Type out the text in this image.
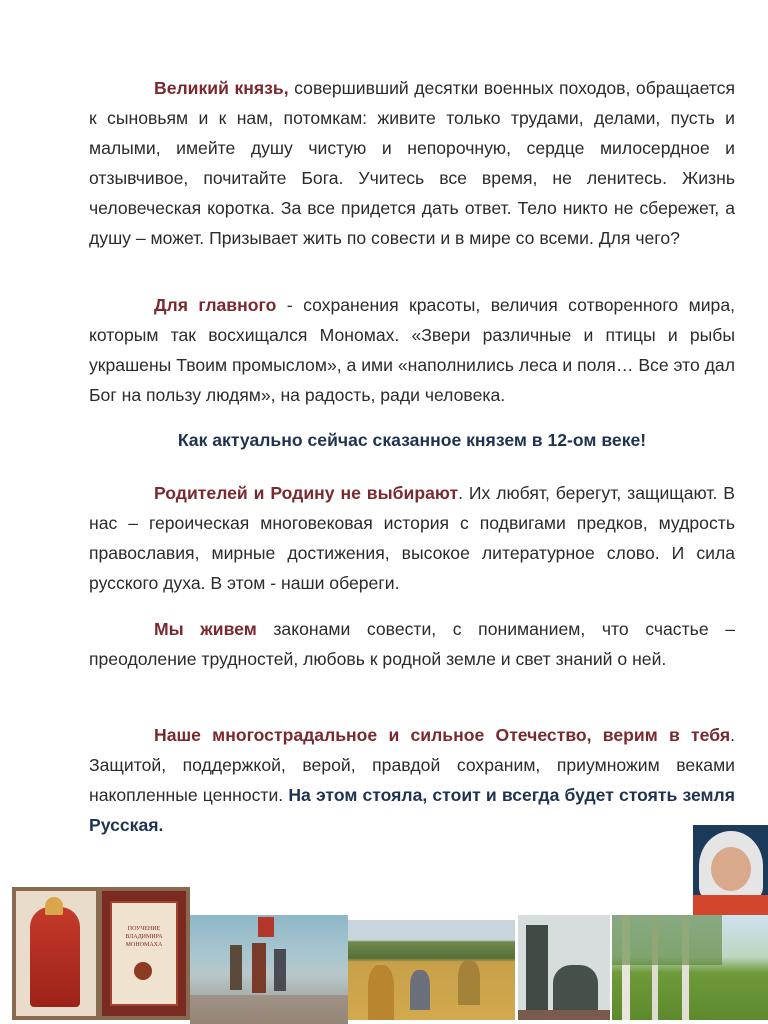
Великий князь, совершивший десятки военных походов, обращается к сыновьям и к нам, потомкам: живите только трудами, делами, пусть и малыми, имейте душу чистую и непорочную, сердце милосердное и отзывчивое, почитайте Бога. Учитесь все время, не ленитесь. Жизнь человеческая коротка. За все придется дать ответ. Тело никто не сбережет, а душу – может. Призывает жить по совести и в мире со всеми. Для чего?
Для главного - сохранения красоты, величия сотворенного мира, которым так восхищался Мономах. «Звери различные и птицы и рыбы украшены Твоим промыслом», а ими «наполнились леса и поля… Все это дал Бог на пользу людям», на радость, ради человека.
Как актуально сейчас сказанное князем в 12-ом веке!
Родителей и Родину не выбирают. Их любят, берегут, защищают. В нас – героическая многовековая история с подвигами предков, мудрость православия, мирные достижения, высокое литературное слово. И сила русского духа. В этом - наши обереги.
Мы живем законами совести, с пониманием, что счастье – преодоление трудностей, любовь к родной земле и свет знаний о ней.
Наше многострадальное и сильное Отечество, верим в тебя. Защитой, поддержкой, верой, правдой сохраним, приумножим веками накопленные ценности. На этом стояла, стоит и всегда будет стоять земля Русская.
ПОУЧЕНИЕ ВЛАДИМИРА МОНОМАХА
